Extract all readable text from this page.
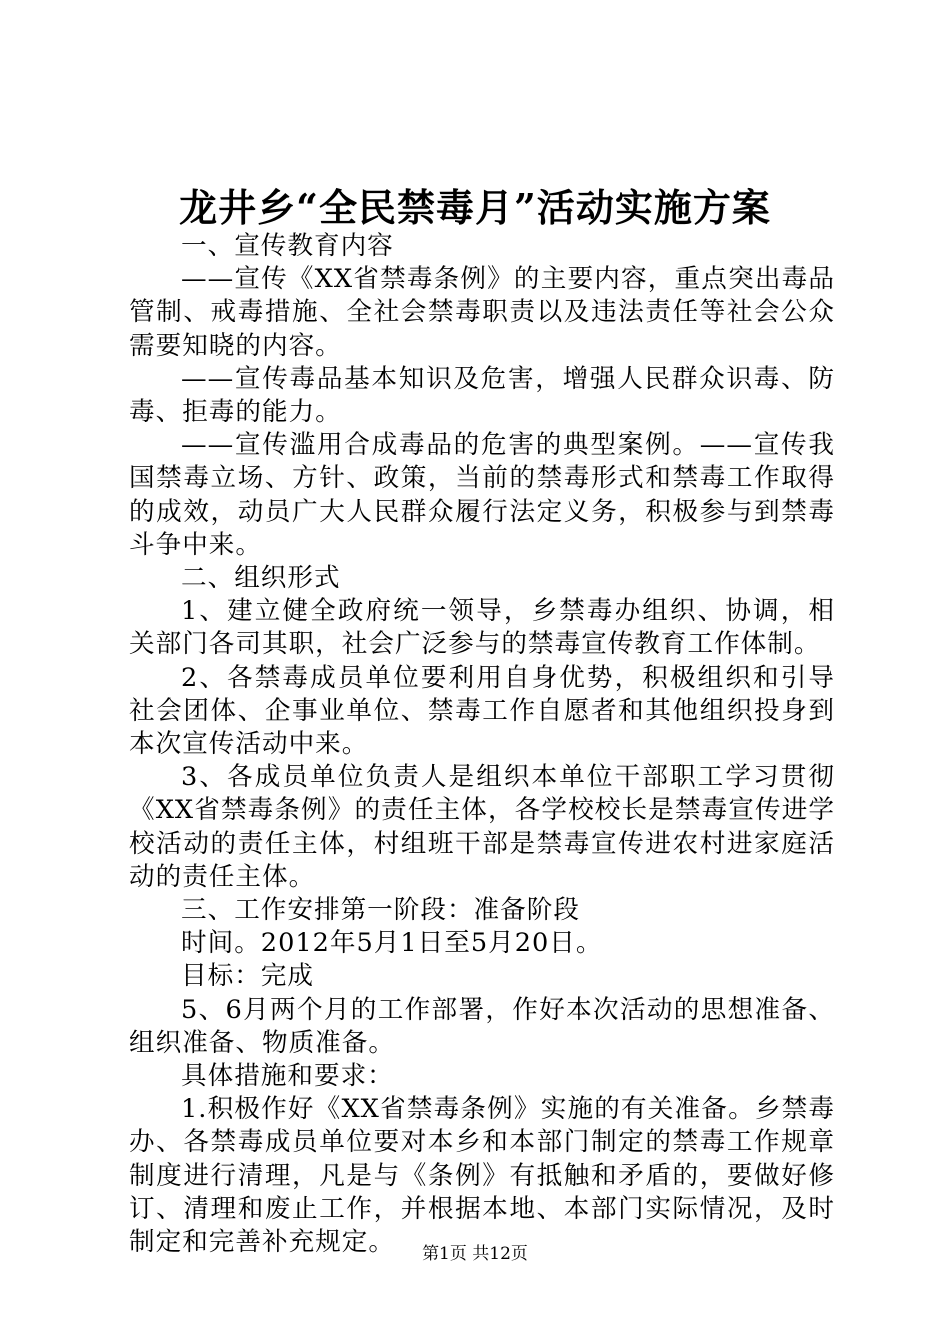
龙井乡“全民禁毒月”活动实施方案

一、宣传教育内容

——宣传《XX省禁毒条例》的主要内容，重点突出毒品管制、戒毒措施、全社会禁毒职责以及违法责任等社会公众需要知晓的内容。

——宣传毒品基本知识及危害，增强人民群众识毒、防毒、拒毒的能力。

——宣传滥用合成毒品的危害的典型案例。——宣传我国禁毒立场、方针、政策，当前的禁毒形式和禁毒工作取得的成效，动员广大人民群众履行法定义务，积极参与到禁毒斗争中来。

二、组织形式

1、建立健全政府统一领导，乡禁毒办组织、协调，相关部门各司其职，社会广泛参与的禁毒宣传教育工作体制。

2、各禁毒成员单位要利用自身优势，积极组织和引导社会团体、企事业单位、禁毒工作自愿者和其他组织投身到本次宣传活动中来。

3、各成员单位负责人是组织本单位干部职工学习贯彻《XX省禁毒条例》的责任主体，各学校校长是禁毒宣传进学校活动的责任主体，村组班干部是禁毒宣传进农村进家庭活动的责任主体。

三、工作安排第一阶段：准备阶段

时间。2012年5月1日至5月20日。

目标：完成

5、6月两个月的工作部署，作好本次活动的思想准备、组织准备、物质准备。

具体措施和要求：

1.积极作好《XX省禁毒条例》实施的有关准备。乡禁毒办、各禁毒成员单位要对本乡和本部门制定的禁毒工作规章制度进行清理，凡是与《条例》有抵触和矛盾的，要做好修订、清理和废止工作，并根据本地、本部门实际情况，及时制定和完善补充规定。	第1页 共12页
